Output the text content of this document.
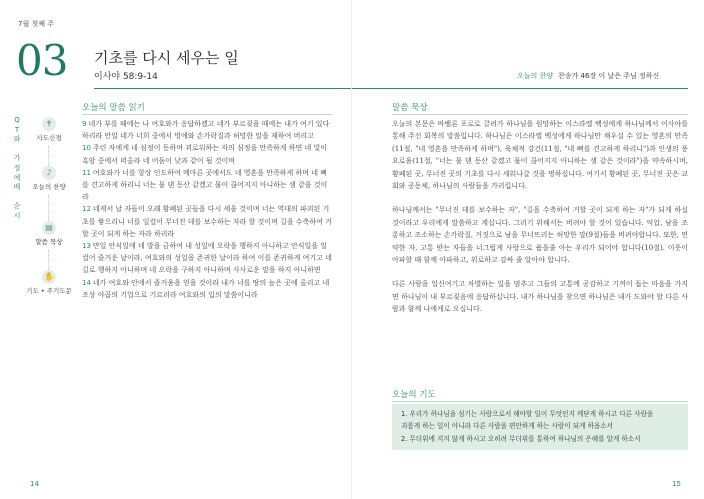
7월 첫째 주
03 기초를 다시 세우는 일
이사야 58:9-14
Q
T
와

가
정
예
배

순
서
✝
사도신경
♪
오늘의 찬양
▤
말씀 묵상
✋
기도 • 주기도문
오늘의 말씀 읽기
9 네가 부를 때에는 나 여호와가 응답하겠고 네가 부르짖을 때에는 내가 여기 있다 하리라 만일 네가 너희 중에서 멍에와 손가락질과 허망한 말을 제하여 버리고
10 주린 자에게 네 심정이 동하며 괴로워하는 자의 심정을 만족하게 하면 네 빛이 흑암 중에서 떠올라 네 어둠이 낮과 같이 될 것이며
11 여호와가 너를 항상 인도하여 메마른 곳에서도 네 영혼을 만족하게 하며 네 뼈를 견고하게 하리니 너는 물 댄 동산 같겠고 물이 끊어지지 아니하는 샘 같을 것이라
12 네게서 날 자들이 오래 황폐된 곳들을 다시 세울 것이며 너는 역대의 파괴된 기초를 쌓으리니 너를 일컬어 무너진 데를 보수하는 자라 할 것이며 길을 수축하여 거할 곳이 되게 하는 자라 하리라
13 만일 안식일에 네 발을 금하여 내 성일에 오락을 행하지 아니하고 안식일을 일컬어 즐거운 날이라, 여호와의 성일을 존귀한 날이라 하여 이를 존귀하게 여기고 네 길로 행하지 아니하며 네 오락을 구하지 아니하며 사사로운 말을 하지 아니하면
14 네가 여호와 안에서 즐거움을 얻을 것이라 내가 너를 땅의 높은 곳에 올리고 네 조상 야곱의 기업으로 기르리라 여호와의 입의 말씀이니라
14
오늘의 찬양 찬송가 46장 이 날은 주님 정하신
말씀 묵상

오늘의 본문은 바벨론 포로로 끌려가 하나님을 원망하는 이스라엘 백성에게 하나님께서 이사야를 통해 주신 회복의 말씀입니다. 하나님은 이스라엘 백성에게 하나님만 채우실 수 있는 영혼의 만족(11절, "네 영혼을 만족하게 하며"), 육체적 강건(11절, "네 뼈를 견고하게 하리니")과 인생의 풍요로움(11절, "너는 물 댄 동산 같겠고 물이 끊어지지 아니하는 샘 같은 것이라")을 약속하시며, 황폐된 곳, 무너진 곳의 기초를 다시 세워나갈 것을 명하십니다. 여기서 황폐된 곳, 무너진 곳은 교회와 공동체, 하나님의 사람들을 가리킵니다.

하나님께서는 "무너진 데를 보수하는 자", "길을 수축하여 거할 곳이 되게 하는 자"가 되게 하실 것이라고 우리에게 말씀하고 계십니다. 그러기 위해서는 버려야 할 것이 있습니다. 억압, 남을 조롱하고 조소하는 손가락질, 거짓으로 남을 무너뜨리는 허망한 말(9절)들을 버려야합니다. 또한, 연약한 자, 고통 받는 자들을 너그럽게 사랑으로 품을줄 아는 우리가 되어야 합니다(10절). 이웃이 아파할 때 함께 아파하고, 위로하고 감싸 줄 알아야 합니다.

다른 사람을 업신여기고 차별하는 일을 멈추고 그들의 고통에 공감하고 기꺼이 돕는 마음을 가지면 하나님이 내 부르짖음에 응답하십니다. 내가 하나님을 찾으면 하나님은 내가 도와야 할 다른 사람과 함께 나에게로 오십니다.

오늘의 기도
1. 우리가 하나님을 섬기는 사람으로서 해야할 일이 무엇인지 깨닫게 하시고 다른 사람을
괴롭게 하는 일이 아니라 다른 사람을 편안하게 하는 사람이 되게 하옵소서
2. 무더위에 지지 않게 하시고 오히려 무더위를 통하여 하나님의 은혜를 알게 하소서
15
